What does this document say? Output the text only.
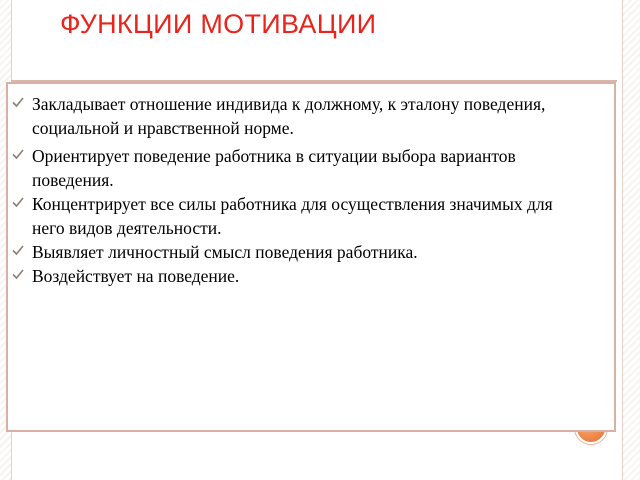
ФУНКЦИИ МОТИВАЦИИ
Закладывает отношение индивида к должному, к эталону поведения, социальной и нравственной норме.
Ориентирует поведение работника в ситуации выбора вариантов поведения.
Концентрирует все силы работника для осуществления значимых для него видов деятельности.
Выявляет личностный смысл поведения работника.
Воздействует на поведение.
